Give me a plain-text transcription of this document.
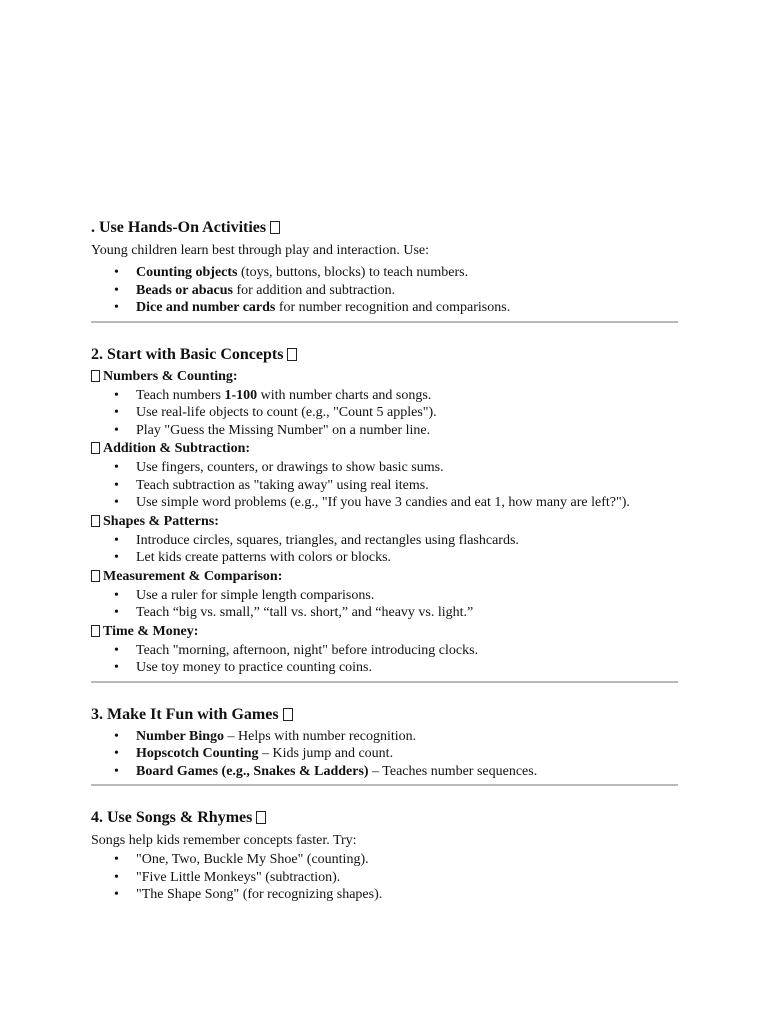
. Use Hands-On Activities

Young children learn best through play and interaction. Use:

• Counting objects (toys, buttons, blocks) to teach numbers.
• Beads or abacus for addition and subtraction.
• Dice and number cards for number recognition and comparisons.
2. Start with Basic Concepts
Numbers & Counting:
• Teach numbers 1-100 with number charts and songs.
• Use real-life objects to count (e.g., "Count 5 apples").
• Play "Guess the Missing Number" on a number line.
Addition & Subtraction:
• Use fingers, counters, or drawings to show basic sums.
• Teach subtraction as "taking away" using real items.
• Use simple word problems (e.g., "If you have 3 candies and eat 1, how many are left?").
Shapes & Patterns:
• Introduce circles, squares, triangles, and rectangles using flashcards.
• Let kids create patterns with colors or blocks.
Measurement & Comparison:
• Use a ruler for simple length comparisons.
• Teach “big vs. small,” “tall vs. short,” and “heavy vs. light.”
Time & Money:
• Teach "morning, afternoon, night" before introducing clocks.
• Use toy money to practice counting coins.
3. Make It Fun with Games
• Number Bingo – Helps with number recognition.
• Hopscotch Counting – Kids jump and count.
• Board Games (e.g., Snakes & Ladders) – Teaches number sequences.
4. Use Songs & Rhymes

Songs help kids remember concepts faster. Try:

• "One, Two, Buckle My Shoe" (counting).
• "Five Little Monkeys" (subtraction).
• "The Shape Song" (for recognizing shapes).
